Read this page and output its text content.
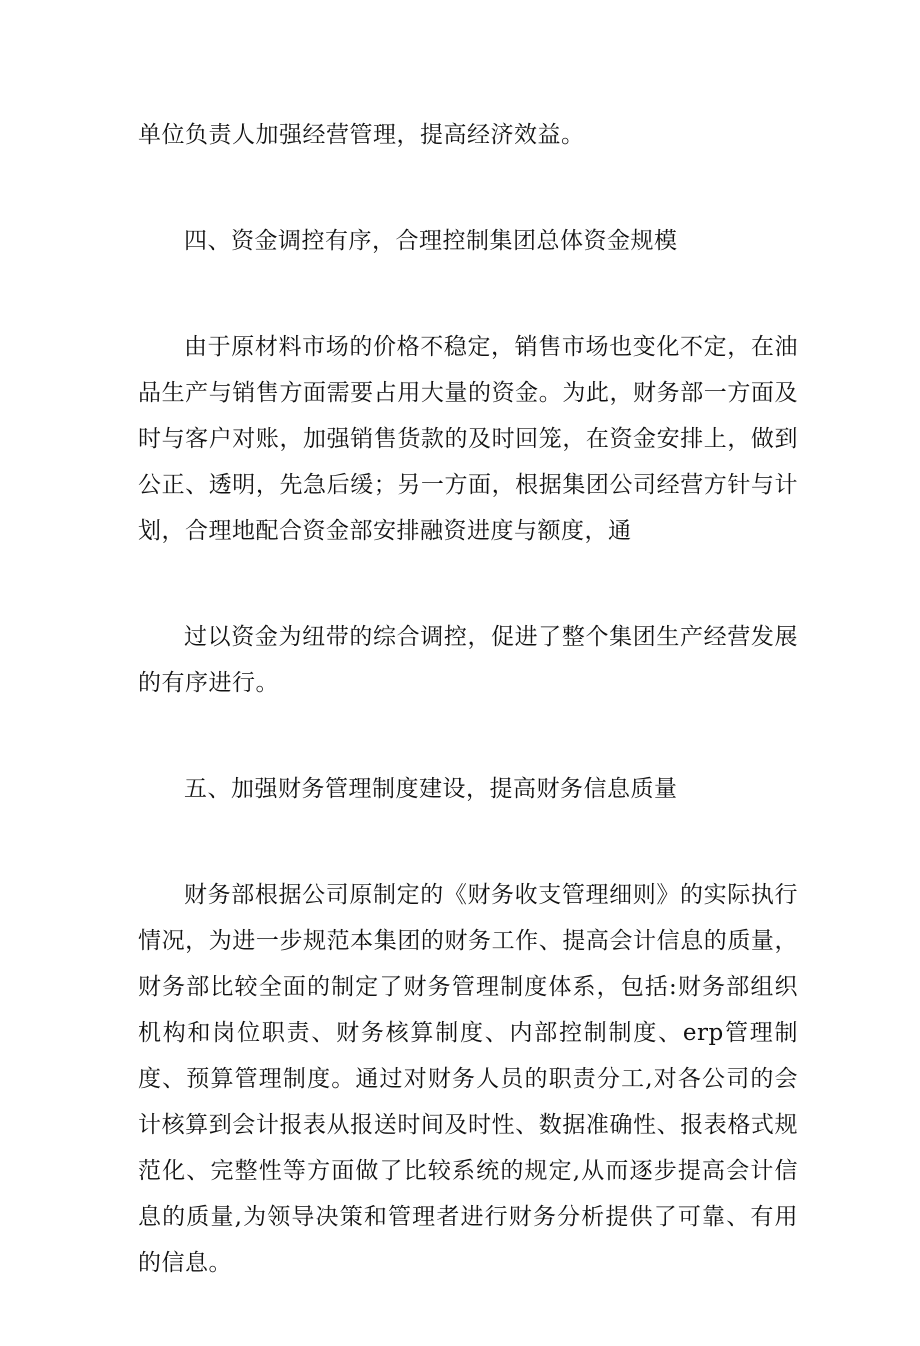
单位负责人加强经营管理，提高经济效益。

四、资金调控有序，合理控制集团总体资金规模

由于原材料市场的价格不稳定，销售市场也变化不定，在油品生产与销售方面需要占用大量的资金。为此，财务部一方面及时与客户对账，加强销售货款的及时回笼，在资金安排上，做到公正、透明，先急后缓；另一方面，根据集团公司经营方针与计划，合理地配合资金部安排融资进度与额度，通

过以资金为纽带的综合调控，促进了整个集团生产经营发展的有序进行。

五、加强财务管理制度建设，提高财务信息质量

财务部根据公司原制定的《财务收支管理细则》的实际执行情况，为进一步规范本集团的财务工作、提高会计信息的质量，财务部比较全面的制定了财务管理制度体系，包括:财务部组织机构和岗位职责、财务核算制度、内部控制制度、erp管理制度、预算管理制度。通过对财务人员的职责分工,对各公司的会计核算到会计报表从报送时间及时性、数据准确性、报表格式规范化、完整性等方面做了比较系统的规定,从而逐步提高会计信息的质量,为领导决策和管理者进行财务分析提供了可靠、有用的信息。
